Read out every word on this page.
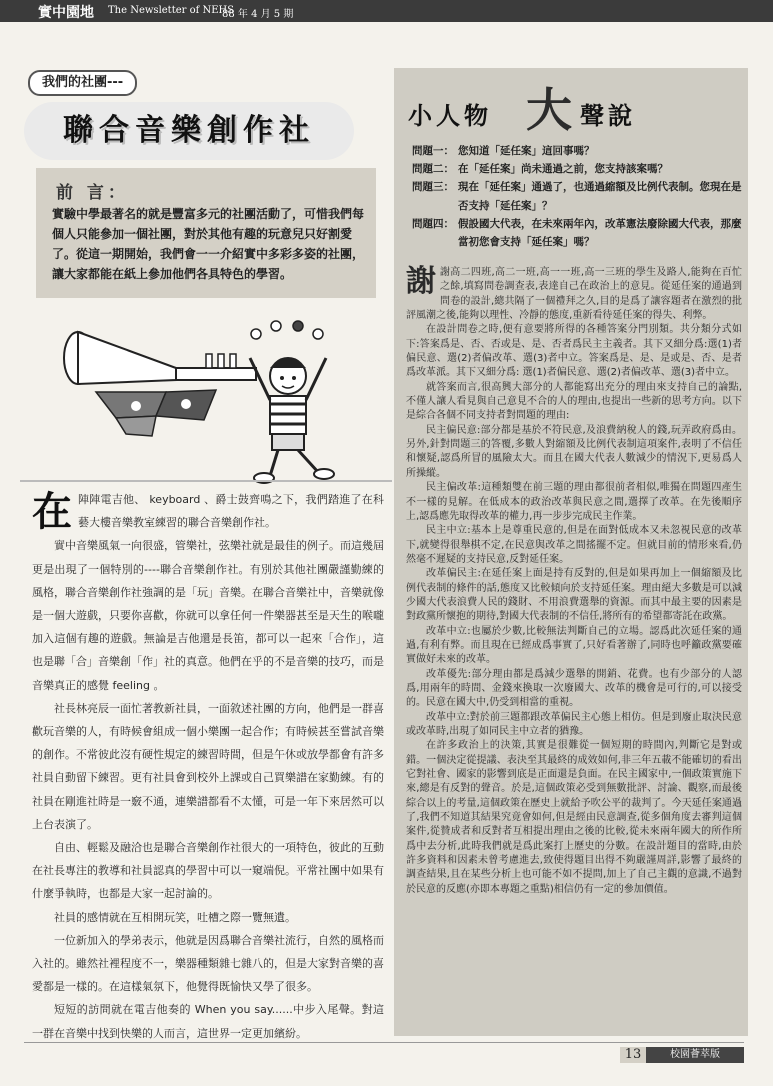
實中園地 The Newsletter of NEHS
88 年 4 月 5 期
我們的社團---
聯合音樂創作社
前 言：
實驗中學最著名的就是豐富多元的社團活動了，可惜我們每個人只能參加一個社團，對於其他有趣的玩意兒只好割愛了。從這一期開始，我們會一一介紹實中多彩多姿的社團，讓大家都能在紙上參加他們各具特色的學習。

在陣陣電吉他、 keyboard 、爵士鼓齊鳴之下，我們踏進了在科藝大樓音樂教室練習的聯合音樂創作社。

實中音樂風氣一向很盛，管樂社，弦樂社就是最佳的例子。而這幾屆更是出現了一個特別的----聯合音樂創作社。有別於其他社團嚴謹勤練的風格，聯合音樂創作社強調的是「玩」音樂。在聯合音樂社中，音樂就像是一個大遊戲，只要你喜歡，你就可以拿任何一件樂器甚至是天生的喉嚨加入這個有趣的遊戲。無論是吉他還是長笛，都可以一起來「合作」，這也是聯「合」音樂創「作」社的真意。他們在乎的不是音樂的技巧，而是音樂真正的感覺 feeling 。

社長林亮辰一面忙著教新社員，一面敘述社團的方向，他們是一群喜歡玩音樂的人，有時候會組成一個小樂團一起合作；有時候甚至嘗試音樂的創作。不常彼此沒有硬性規定的練習時間，但是午休或放學都會有許多社員自動留下練習。更有社員會到校外上課或自己買樂譜在家勤練。有的社員在剛進社時是一竅不通，連樂譜都看不太懂，可是一年下來居然可以上台表演了。

自由、輕鬆及融洽也是聯合音樂創作社很大的一項特色，彼此的互動在社長專注的教導和社員認真的學習中可以一窺端倪。平常社團中如果有什麼爭執時，也都是大家一起討論的。

社員的感情就在互相開玩笑，吐槽之際一覽無遺。

一位新加入的學弟表示，他就是因爲聯合音樂社流行，自然的風格而入社的。雖然社裡程度不一，樂器種類雜七雜八的，但是大家對音樂的喜愛都是一樣的。在這樣氣氛下，他覺得既愉快又學了很多。

短短的訪問就在電吉他奏的 When you say......中步入尾聲。對這一群在音樂中找到快樂的人而言，這世界一定更加繽紛。

小人物 大 聲說
問題一： 您知道「延任案」這回事嗎？
問題二： 在「延任案」尚未通過之前，您支持該案嗎？
問題三： 現在「延任案」通過了，也通過縮額及比例代表制。您現在是否支持「延任案」？
問題四： 假設國大代表，在未來兩年內，改革憲法廢除國大代表，那麼當初您會支持「延任案」嗎？

謝謝高二四班,高二一班,高一一班,高一三班的學生及路人,能夠在百忙之餘,填寫問卷調查表,表達自己在政治上的意見。從延任案的通過到問卷的設計,總共隔了一個禮拜之久,目的是爲了讓容題者在激烈的批評風潮之後,能夠以理性、冷靜的態度,重新看待延任案的得失、利弊。

在設計問卷之時,便有意要將所得的各種答案分門別類。共分類分式如下:答案爲是、否、否或是、是、否者爲民主主義者。其下又細分爲:選(1)者偏民意、選(2)者偏改革、選(3)者中立。答案爲是、是、是或是、否、是者爲改革派。其下又細分爲: 選(1)者偏民意、選(2)者偏改革、選(3)者中立。

就答案而言,很高興大部分的人都能寫出充分的理由來支持自己的論點,不僅人讓人看見與自己意見不合的人的理由,也提出一些新的思考方向。以下是綜合各個不同支持者對問題的理由:

民主偏民意:部分都是基於不符民意,及浪費納稅人的錢,玩弄政府爲由。另外,針對問題三的答覆,多數人對縮額及比例代表制這項案件,表明了不信任和懷疑,認爲所冒的風險太大。而且在國大代表人數減少的情況下,更易爲人所操縱。

民主偏改革:這種類雙在前三題的理由都很前者相似,唯獨在問題四產生不一樣的見解。在低成本的政治改革與民意之間,選擇了改革。在先後順序上,認爲應先取得改革的權力,再一步步完成民主作業。

民主中立:基本上是尊重民意的,但是在面對低成本又未忽視民意的改革下,就變得很舉棋不定,在民意與改革之間搖擺不定。但就目前的情形來看,仍然毫不遲疑的支持民意,反對延任案。

改革偏民主:在延任案上面是持有反對的,但是如果再加上一個縮額及比例代表制的條件的話,態度又比較傾向於支持延任案。理由絕大多數是可以減少國大代表浪費人民的錢財、不用浪費選舉的資源。而其中最主要的因素是對政黨所懷抱的期待,對國大代表制的不信任,將所有的希望都寄託在政黨。

改革中立:也屬於少數,比較無法判斷自己的立場。認爲此次延任案的通過,有利有弊。而且現在已經成爲事實了,只好看著辦了,同時也呼籲政黨要確實做好未來的改革。

改革優先:部分理由都是爲減少選舉的開銷、花費。也有少部分的人認爲,用兩年的時間、金錢來換取一次廢國大、改革的機會是可行的,可以接受的。民意在國大中,仍受到相當的重視。

改革中立:對於前三題都跟改革偏民主心態上相仿。但是到廢止取決民意或改革時,出現了如同民主中立者的猶豫。

在許多政治上的決策,其實是很難從一個短期的時間內,判斷它是對或錯。一個決定從提議、表決至其最終的成效如何,非三年五載不能確切的看出它對社會、國家的影響到底是正面還是負面。在民主國家中,一個政策實施下來,總是有反對的聲音。於是,這個政策必受到無數批評、討論、觀察,而最後綜合以上的考量,這個政策在歷史上就給予吹公平的裁判了。今天延任案通過了,我們不知道其結果究竟會如何,但是經由民意調查,從多個角度去審判這個案件,從贊成者和反對者互相提出理由之後的比較,從未來兩年國大的所作所爲中去分析,此時我們就是爲此案打上歷史的分數。在設計題目的當時,由於許多資料和因素未曾考慮進去,致使得題目出得不夠嚴謹周詳,影響了最終的調查結果,且在某些分析上也可能不如不提問,加上了自己主觀的意識,不過對於民意的反應(亦即本專題之重點)相信仍有一定的參加價值。

13	校園薈萃版
